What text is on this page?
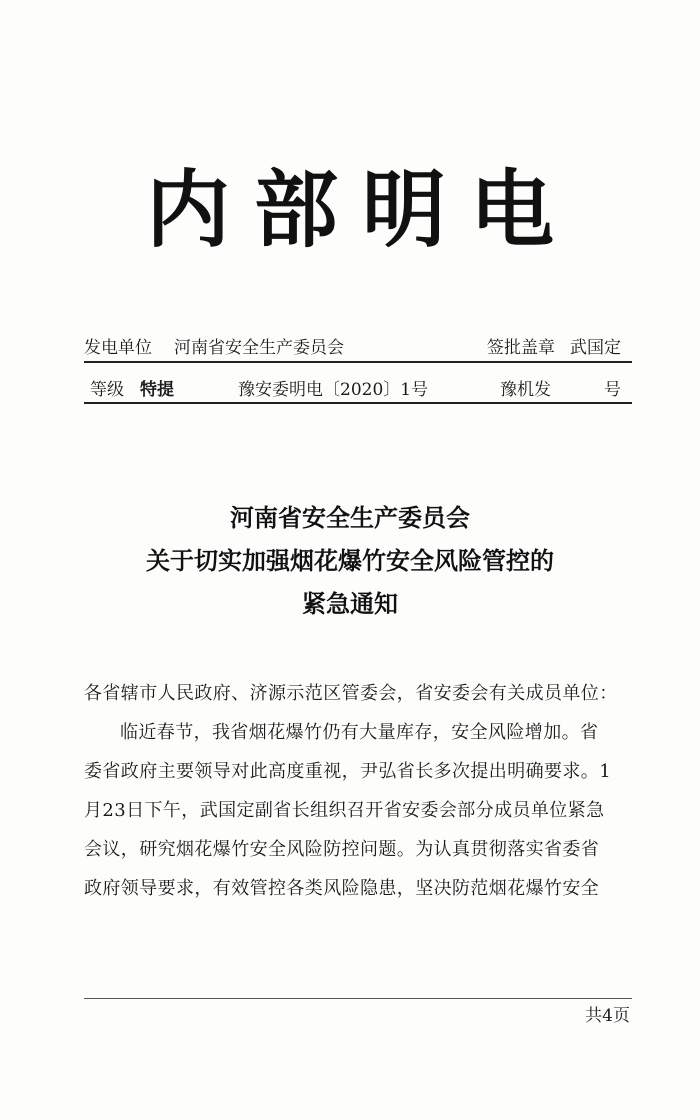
内部明电
发电单位 河南省安全生产委员会	签批盖章 武国定
等级 特提	豫安委明电〔2020〕1号	豫机发	号
河南省安全生产委员会
关于切实加强烟花爆竹安全风险管控的
紧急通知
各省辖市人民政府、济源示范区管委会，省安委会有关成员单位：
临近春节，我省烟花爆竹仍有大量库存，安全风险增加。省
委省政府主要领导对此高度重视，尹弘省长多次提出明确要求。1
月23日下午，武国定副省长组织召开省安委会部分成员单位紧急
会议，研究烟花爆竹安全风险防控问题。为认真贯彻落实省委省
政府领导要求，有效管控各类风险隐患，坚决防范烟花爆竹安全
共4页
